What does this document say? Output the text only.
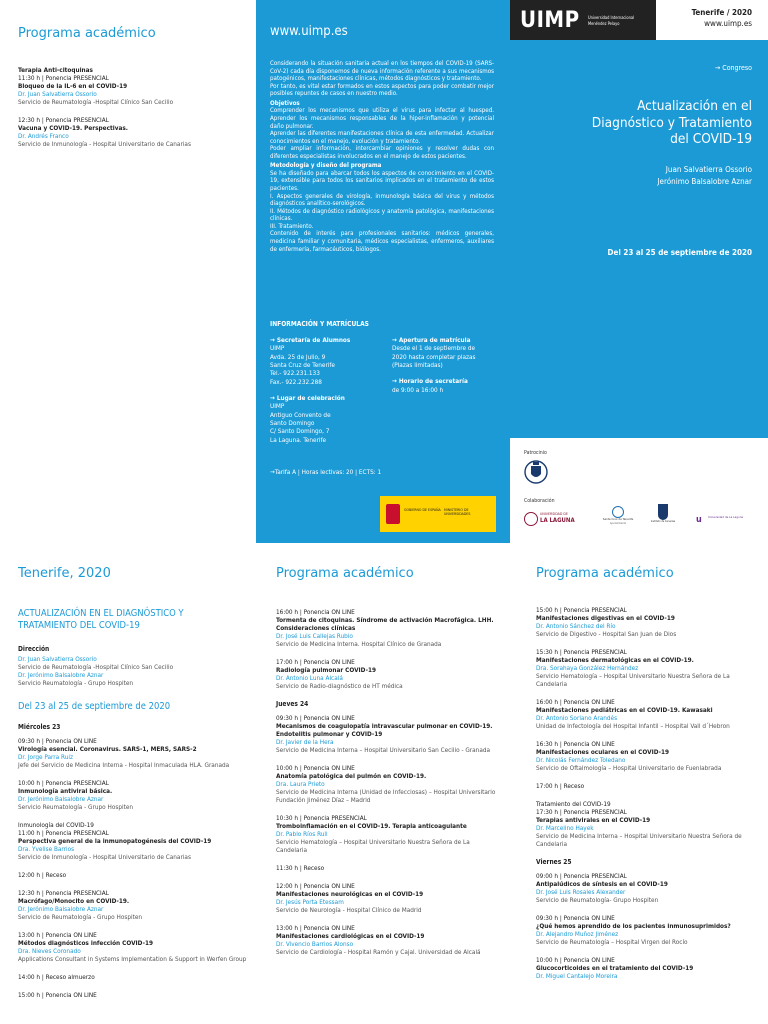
Programa académico
Terapia Anti-citoquinas
11:30 h | Ponencia PRESENCIAL
Bloqueo de la IL-6 en el COVID-19
Dr. Juan Salvatierra Ossorio
Servicio de Reumatología -Hospital Clínico San Cecilio
12:30 h | Ponencia PRESENCIAL
Vacuna y COVID-19. Perspectivas.
Dr. Andrés Franco
Servicio de Inmunología - Hospital Universitario de Canarias
www.uimp.es
Considerando la situación sanitaria actual en los tiempos del COVID-19 (SARS-CoV-2) cada día disponemos de nueva información referente a sus mecanismos patogénicos, manifestaciones clínicas, métodos diagnósticos y tratamiento.
Por tanto, es vital estar formados en estos aspectos para poder combatir mejor posibles repuntes de casos en nuestro medio.
Objetivos
Comprender los mecanismos que utiliza el virus para infectar al huesped. Aprender los mecanismos responsables de la hiper-inflamación y potencial daño pulmonar.
Aprender las diferentes manifestaciones clínica de esta enfermedad. Actualizar conocimientos en el manejo, evolución y tratamiento.
Poder ampliar información, intercambiar opiniones y resolver dudas con diferentes especialistas involucrados en el manejo de estos pacientes.
Metodología y diseño del programa
Se ha diseñado para abarcar todos los aspectos de conocimiento en el COVID-19, extensible para todos los sanitarios implicados en el tratamiento de estos pacientes.
I. Aspectos generales de virología, inmunología básica del virus y métodos diagnósticos analítico-serológicos.
II. Métodos de diagnóstico radiológicos y anatomía patológica, manifestaciones clínicas.
III. Tratamiento.
Contenido de interés para profesionales sanitarios: médicos generales, medicina familiar y comunitaria, médicos especialistas, enfermeros, auxiliares de enfermería, farmacéuticos, biólogos.
INFORMACIÓN Y MATRÍCULAS
→ Secretaría de Alumnos
UIMP
Avda. 25 de Julio, 9
Santa Cruz de Tenerife
Tel.- 922.231.133
Fax.- 922.232.288
→ Lugar de celebración
UIMP
Antiguo Convento de
Santo Domingo
C/ Santo Domingo, 7
La Laguna. Tenerife
→ Apertura de matrícula
Desde el 1 de septiembre de
2020 hasta completar plazas
(Plazas limitadas)
→ Horario de secretaría
de 9:00 a 16:00 h
→Tarifa A | Horas lectivas: 20 | ECTS: 1
GOBIERNO DE ESPAÑA MINISTERIO DE UNIVERSIDADES
UIMP Universidad Internacional
Menéndez Pelayo
Tenerife / 2020
www.uimp.es
→ Congreso
Actualización en el
Diagnóstico y Tratamiento
del COVID-19
Juan Salvatierra Ossorio
Jerónimo Balsalobre Aznar
Del 23 al 25 de septiembre de 2020
Patrocinio
Colaboración
UNIVERSIDAD DE
LA LAGUNA	Santa Cruz de Tenerife
Ayuntamiento
Instituto de Canarias	u Universidad de La Laguna
Tenerife, 2020
ACTUALIZACIÓN EN EL DIAGNÓSTICO Y TRATAMIENTO DEL COVID-19
Dirección
Dr. Juan Salvatierra Ossorio
Servicio de Reumatología -Hospital Clínico San Cecilio
Dr. Jerónimo Balsalobre Aznar
Servicio Reumatología - Grupo Hospiten
Del 23 al 25 de septiembre de 2020
Miércoles 23
09:30 h | Ponencia ON LINE
Virología esencial. Coronavirus. SARS-1, MERS, SARS-2
Dr. Jorge Parra Ruiz
Jefe del Servicio de Medicina Interna - Hospital Inmaculada HLA. Granada
10:00 h | Ponencia PRESENCIAL
Inmunología antiviral básica.
Dr. Jerónimo Balsalobre Aznar
Servicio Reumatología - Grupo Hospiten
Inmunología del COVID-19
11:00 h | Ponencia PRESENCIAL
Perspectiva general de la inmunopatogénesis del COVID-19
Dra. Yvelise Barrios
Servicio de Inmunología - Hospital Universitario de Canarias
12:00 h | Receso
12:30 h | Ponencia PRESENCIAL
Macrófago/Monocito en COVID-19.
Dr. Jerónimo Balsalobre Aznar
Servicio de Reumatología - Grupo Hospiten
13:00 h | Ponencia ON LINE
Métodos diagnósticos infección COVID-19
Dra. Nieves Coronado
Applications Consultant in Systems Implementation & Support in Werfen Group
14:00 h | Receso almuerzo
15:00 h | Ponencia ON LINE
Programa académico
16:00 h | Ponencia ON LINE
Tormenta de citoquinas. Síndrome de activación Macrofágica. LHH. Consideraciones clínicas
Dr. José Luis Callejas Rubio
Servicio de Medicina Interna. Hospital Clínico de Granada
17:00 h | Ponencia ON LINE
Radiología pulmonar COVID-19
Dr. Antonio Luna Alcalá
Servicio de Radio-diagnóstico de HT médica
Jueves 24
09:30 h | Ponencia ON LINE
Mecanismos de coagulopatía intravascular pulmonar en COVID-19. Endotelitis pulmonar y COVID-19
Dr. Javier de la Hera
Servicio de Medicina Interna – Hospital Universitario San Cecilio - Granada
10:00 h | Ponencia ON LINE
Anatomía patológica del pulmón en COVID-19.
Dra. Laura Prieto
Servicio de Medicina Interna (Unidad de Infecciosas) – Hospital Universitario Fundación Jiménez Díaz – Madrid
10:30 h | Ponencia PRESENCIAL
Tromboinflamación en el COVID-19. Terapia anticoagulante
Dr. Pablo Ríos Rull
Servicio Hematología – Hospital Universitario Nuestra Señora de La Candelaria
11:30 h | Receso
12:00 h | Ponencia ON LINE
Manifestaciones neurológicas en el COVID-19
Dr. Jesús Porta Etessam
Servicio de Neurología - Hospital Clínico de Madrid
13:00 h | Ponencia ON LINE
Manifestaciones cardiológicas en el COVID-19
Dr. Vivencio Barrios Alonso
Servicio de Cardiología - Hospital Ramón y Cajal. Universidad de Alcalá
Programa académico
15:00 h | Ponencia PRESENCIAL
Manifestaciones digestivas en el COVID-19
Dr. Antonio Sánchez del Río
Servicio de Digestivo - Hospital San Juan de Dios
15:30 h | Ponencia PRESENCIAL
Manifestaciones dermatológicas en el COVID-19.
Dra. Sorahaya González Hernández
Servicio Hematología – Hospital Universitario Nuestra Señora de La Candelaria
16:00 h | Ponencia ON LINE
Manifestaciones pediátricas en el COVID-19. Kawasaki
Dr. Antonio Soriano Arandés
Unidad de Infectología del Hospital Infantil – Hospital Vall d´Hebron
16:30 h | Ponencia ON LINE
Manifestaciones oculares en el COVID-19
Dr. Nicolás Fernández Toledano
Servicio de Oftalmología – Hospital Universitario de Fuenlabrada
17:00 h | Receso
Tratamiento del COVID-19
17:30 h | Ponencia PRESENCIAL
Terapias antivirales en el COVID-19
Dr. Marcelino Hayek
Servicio de Medicina Interna – Hospital Universitario Nuestra Señora de Candelaria
Viernes 25
09:00 h | Ponencia PRESENCIAL
Antipalúdicos de síntesis en el COVID-19
Dr. José Luis Rosales Alexander
Servicio de Reumatología- Grupo Hospiten
09:30 h | Ponencia ON LINE
¿Qué hemos aprendido de los pacientes inmunosuprimidos?
Dr. Alejandro Muñoz Jiménez
Servicio de Reumatología – Hospital Virgen del Rocío
10:00 h | Ponencia ON LINE
Glucocorticoides en el tratamiento del COVID-19
Dr. Miguel Cantalejo Moreira
